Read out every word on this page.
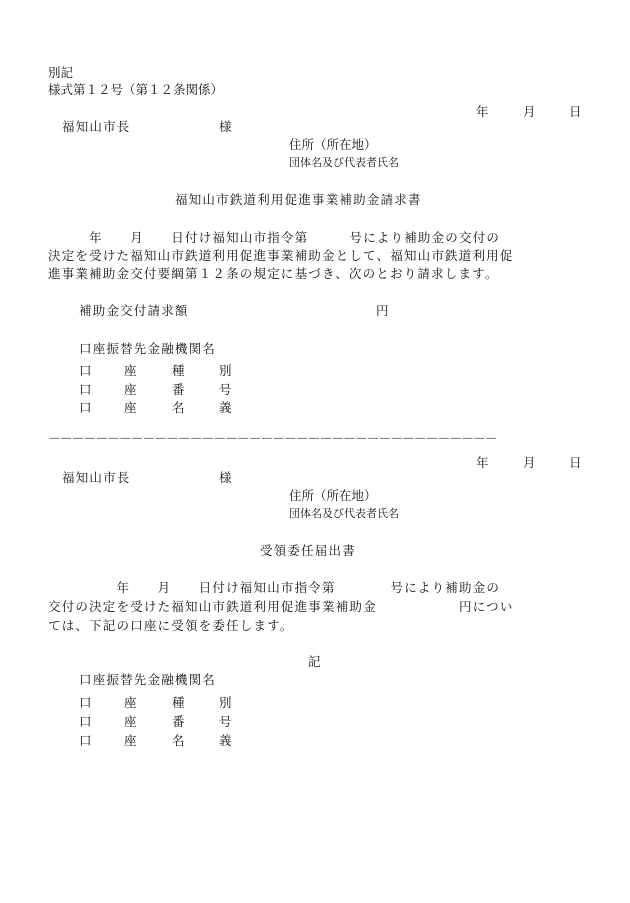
別記
様式第１２号（第１２条関係）
年	月	日
福知山市長	様
住所（所在地）
団体名及び代表者氏名
福知山市鉄道利用促進事業補助金請求書
　　　年　　月　　日付け福知山市指令第　　　号により補助金の交付の
決定を受けた福知山市鉄道利用促進事業補助金として、福知山市鉄道利用促
進事業補助金交付要綱第１２条の規定に基づき、次のとおり請求します。
補助金交付請求額	円
口座振替先金融機関名
口	座	種	別
口	座	番	号
口	座	名	義
－－－－－－－－－－－－－－－－－－－－－－－－－－－－－－－－－－－－－－
年	月	日
福知山市長	様
住所（所在地）
団体名及び代表者氏名
受領委任届出書
　　　　　年　　月　　日付け福知山市指令第　　　　号により補助金の
交付の決定を受けた福知山市鉄道利用促進事業補助金　　　　　　円につい
ては、下記の口座に受領を委任します。
記
口座振替先金融機関名
口	座	種	別
口	座	番	号
口	座	名	義
